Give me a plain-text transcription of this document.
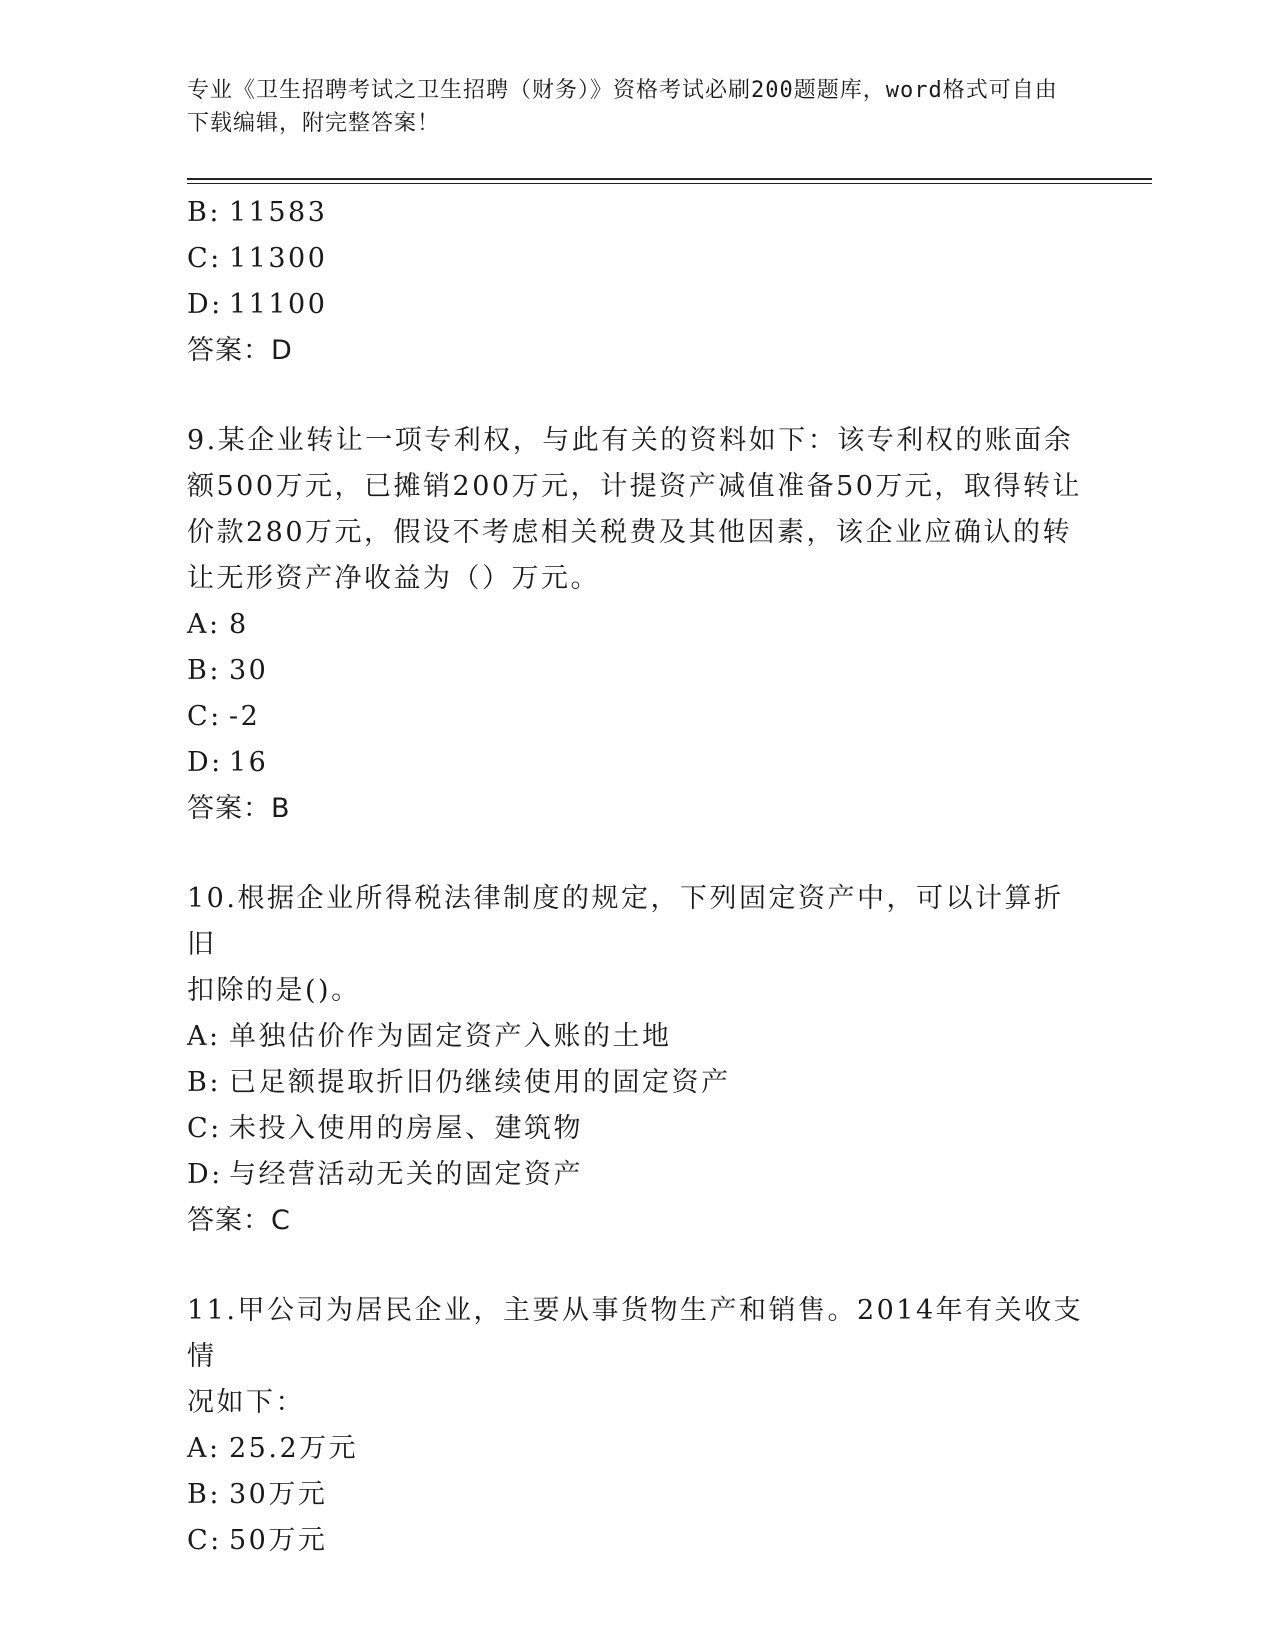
专业《卫生招聘考试之卫生招聘（财务）》资格考试必刷200题题库，word格式可自由下载编辑，附完整答案！
B: 11583
C: 11300
D: 11100
答案：D
9.某企业转让一项专利权，与此有关的资料如下：该专利权的账面余
额500万元，已摊销200万元，计提资产减值准备50万元，取得转让
价款280万元，假设不考虑相关税费及其他因素，该企业应确认的转
让无形资产净收益为（）万元。
A: 8
B: 30
C: -2
D: 16
答案：B
10.根据企业所得税法律制度的规定，下列固定资产中，可以计算折旧
扣除的是()。
A: 单独估价作为固定资产入账的土地
B: 已足额提取折旧仍继续使用的固定资产
C: 未投入使用的房屋、建筑物
D: 与经营活动无关的固定资产
答案：C
11.甲公司为居民企业，主要从事货物生产和销售。2014年有关收支情
况如下：
A: 25.2万元
B: 30万元
C: 50万元
